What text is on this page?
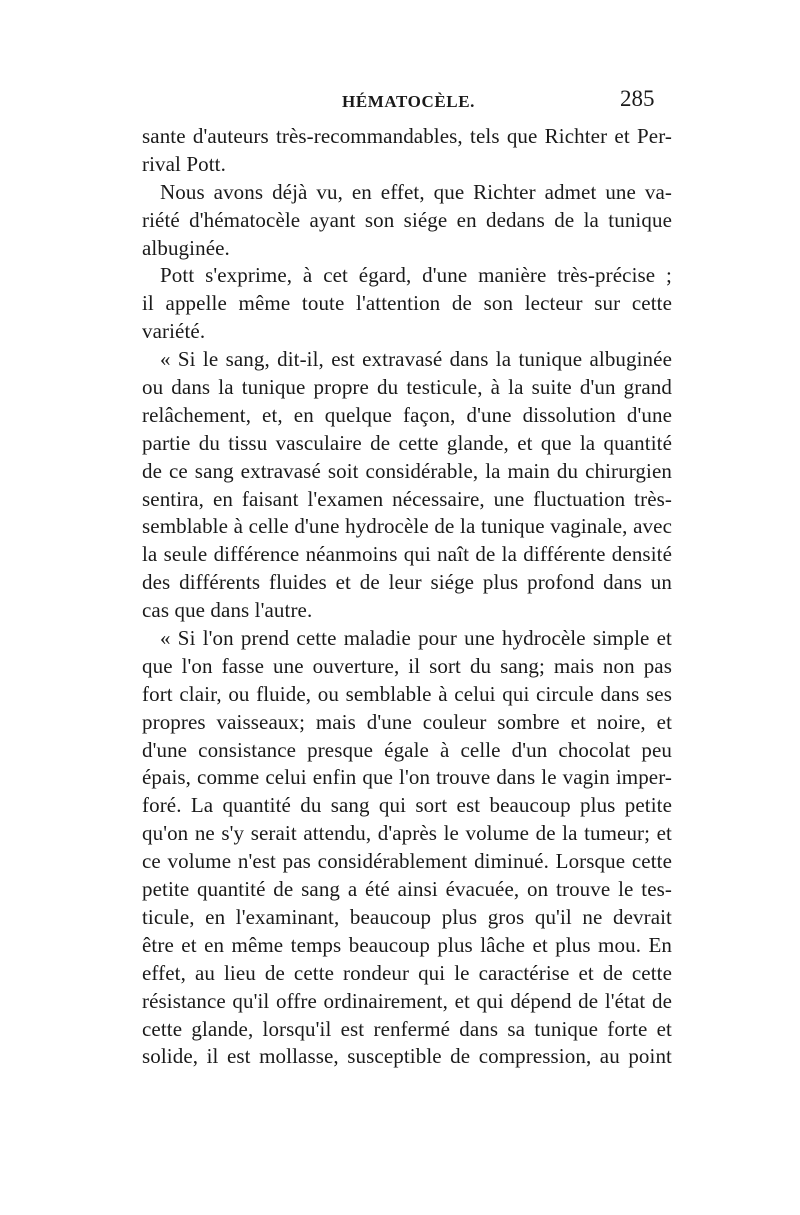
HÉMATOCÈLE.	285
sante d'auteurs très-recommandables, tels que Richter et Per-
rival Pott.
Nous avons déjà vu, en effet, que Richter admet une va-
riété d'hématocèle ayant son siége en dedans de la tunique
albuginée.
Pott s'exprime, à cet égard, d'une manière très-précise ;
il appelle même toute l'attention de son lecteur sur cette
variété.
« Si le sang, dit-il, est extravasé dans la tunique albuginée
ou dans la tunique propre du testicule, à la suite d'un grand
relâchement, et, en quelque façon, d'une dissolution d'une
partie du tissu vasculaire de cette glande, et que la quantité
de ce sang extravasé soit considérable, la main du chirurgien
sentira, en faisant l'examen nécessaire, une fluctuation très-
semblable à celle d'une hydrocèle de la tunique vaginale, avec
la seule différence néanmoins qui naît de la différente densité
des différents fluides et de leur siége plus profond dans un
cas que dans l'autre.
« Si l'on prend cette maladie pour une hydrocèle simple et
que l'on fasse une ouverture, il sort du sang; mais non pas
fort clair, ou fluide, ou semblable à celui qui circule dans ses
propres vaisseaux; mais d'une couleur sombre et noire, et
d'une consistance presque égale à celle d'un chocolat peu
épais, comme celui enfin que l'on trouve dans le vagin imper-
foré. La quantité du sang qui sort est beaucoup plus petite
qu'on ne s'y serait attendu, d'après le volume de la tumeur; et
ce volume n'est pas considérablement diminué. Lorsque cette
petite quantité de sang a été ainsi évacuée, on trouve le tes-
ticule, en l'examinant, beaucoup plus gros qu'il ne devrait
être et en même temps beaucoup plus lâche et plus mou. En
effet, au lieu de cette rondeur qui le caractérise et de cette
résistance qu'il offre ordinairement, et qui dépend de l'état de
cette glande, lorsqu'il est renfermé dans sa tunique forte et
solide, il est mollasse, susceptible de compression, au point
